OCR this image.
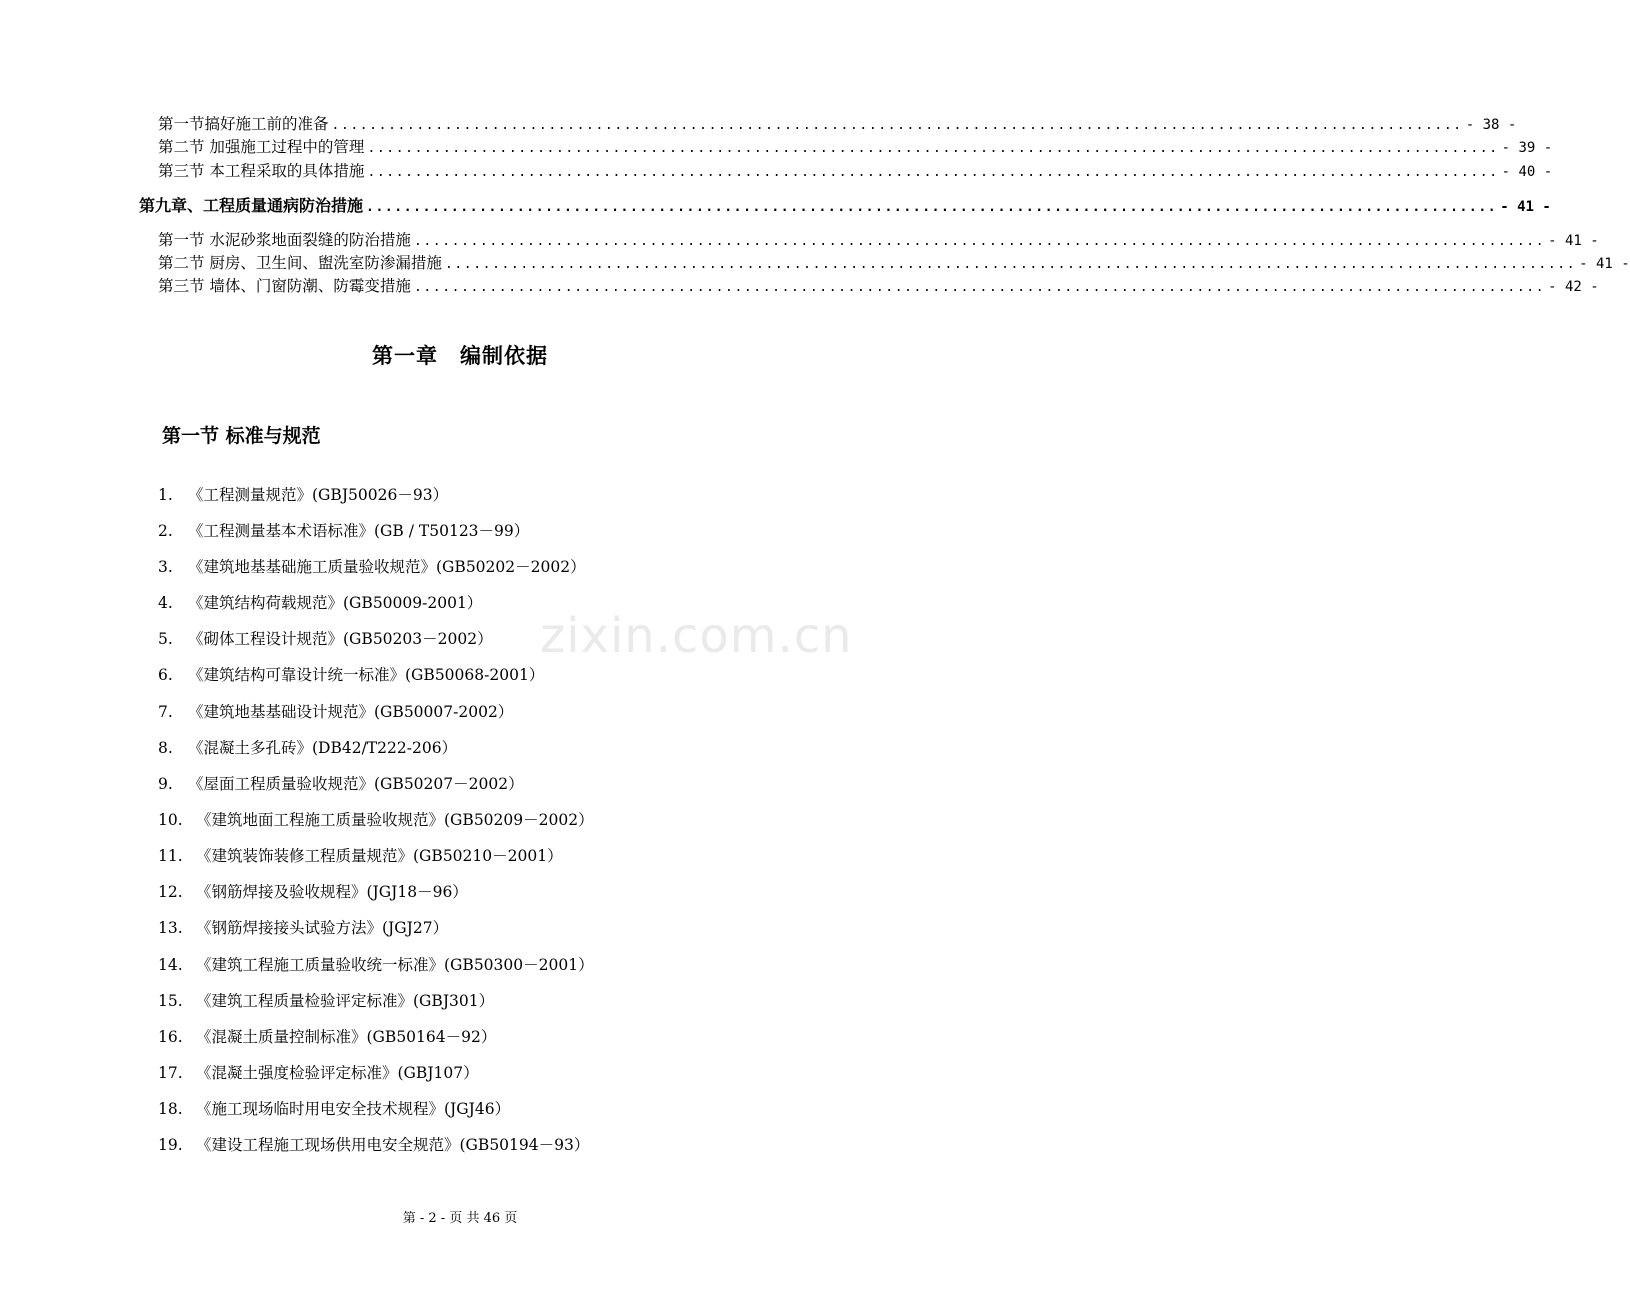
第一节搞好施工前的准备 ........................................................................................................................ - 38 -
第二节 加强施工过程中的管理 ........................................................................................................................ - 39 -
第三节 本工程采取的具体措施 ........................................................................................................................ - 40 -
第九章、工程质量通病防治措施 ........................................................................................................................ - 41 -
第一节 水泥砂浆地面裂缝的防治措施 ........................................................................................................................ - 41 -
第二节 厨房、卫生间、盥洗室防渗漏措施 ........................................................................................................................ - 41 -
第三节 墙体、门窗防潮、防霉变措施 ........................................................................................................................ - 42 -
第一章　编制依据
第一节 标准与规范
1. 《工程测量规范》(GBJ50026－93）
2. 《工程测量基本术语标准》(GB / T50123－99）
3. 《建筑地基基础施工质量验收规范》(GB50202－2002）
4. 《建筑结构荷载规范》(GB50009-2001）
5. 《砌体工程设计规范》(GB50203－2002）
6. 《建筑结构可靠设计统一标准》(GB50068-2001）
7. 《建筑地基基础设计规范》(GB50007-2002）
8. 《混凝土多孔砖》(DB42/T222-206）
9. 《屋面工程质量验收规范》(GB50207－2002）
10. 《建筑地面工程施工质量验收规范》(GB50209－2002）
11. 《建筑装饰装修工程质量规范》(GB50210－2001）
12. 《钢筋焊接及验收规程》(JGJ18－96）
13. 《钢筋焊接接头试验方法》(JGJ27）
14. 《建筑工程施工质量验收统一标准》(GB50300－2001）
15. 《建筑工程质量检验评定标准》(GBJ301）
16. 《混凝土质量控制标准》(GB50164－92）
17. 《混凝土强度检验评定标准》(GBJ107）
18. 《施工现场临时用电安全技术规程》(JGJ46）
19. 《建设工程施工现场供用电安全规范》(GB50194－93）
zixin.com.cn
第 - 2 - 页 共 46 页
